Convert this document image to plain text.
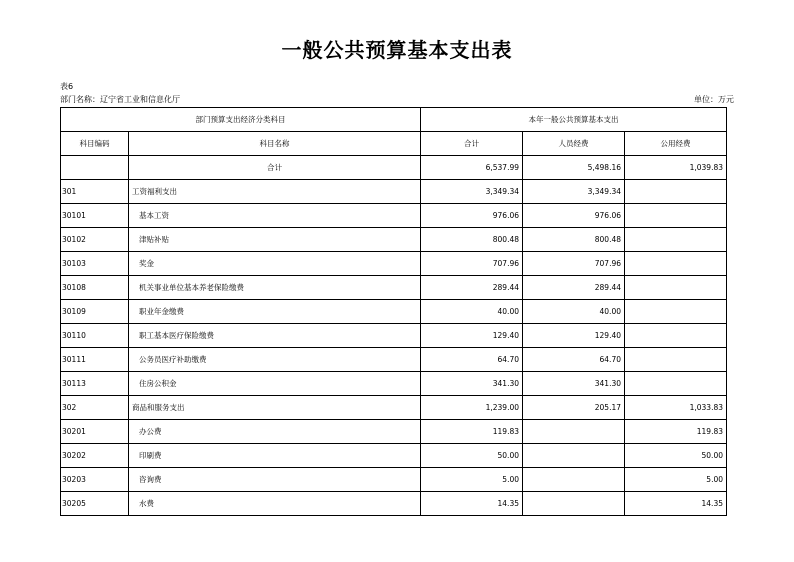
一般公共预算基本支出表
表6
部门名称：辽宁省工业和信息化厅	单位：万元
部门预算支出经济分类科目		本年一般公共预算基本支出		
科目编码	科目名称	合计	人员经费	公用经费
	合计	6,537.99	5,498.16	1,039.83
301	工资福利支出	3,349.34	3,349.34	
30101	基本工资	976.06	976.06	
30102	津贴补贴	800.48	800.48	
30103	奖金	707.96	707.96	
30108	机关事业单位基本养老保险缴费	289.44	289.44	
30109	职业年金缴费	40.00	40.00	
30110	职工基本医疗保险缴费	129.40	129.40	
30111	公务员医疗补助缴费	64.70	64.70	
30113	住房公积金	341.30	341.30	
302	商品和服务支出	1,239.00	205.17	1,033.83
30201	办公费	119.83		119.83
30202	印刷费	50.00		50.00
30203	咨询费	5.00		5.00
30205	水费	14.35		14.35
